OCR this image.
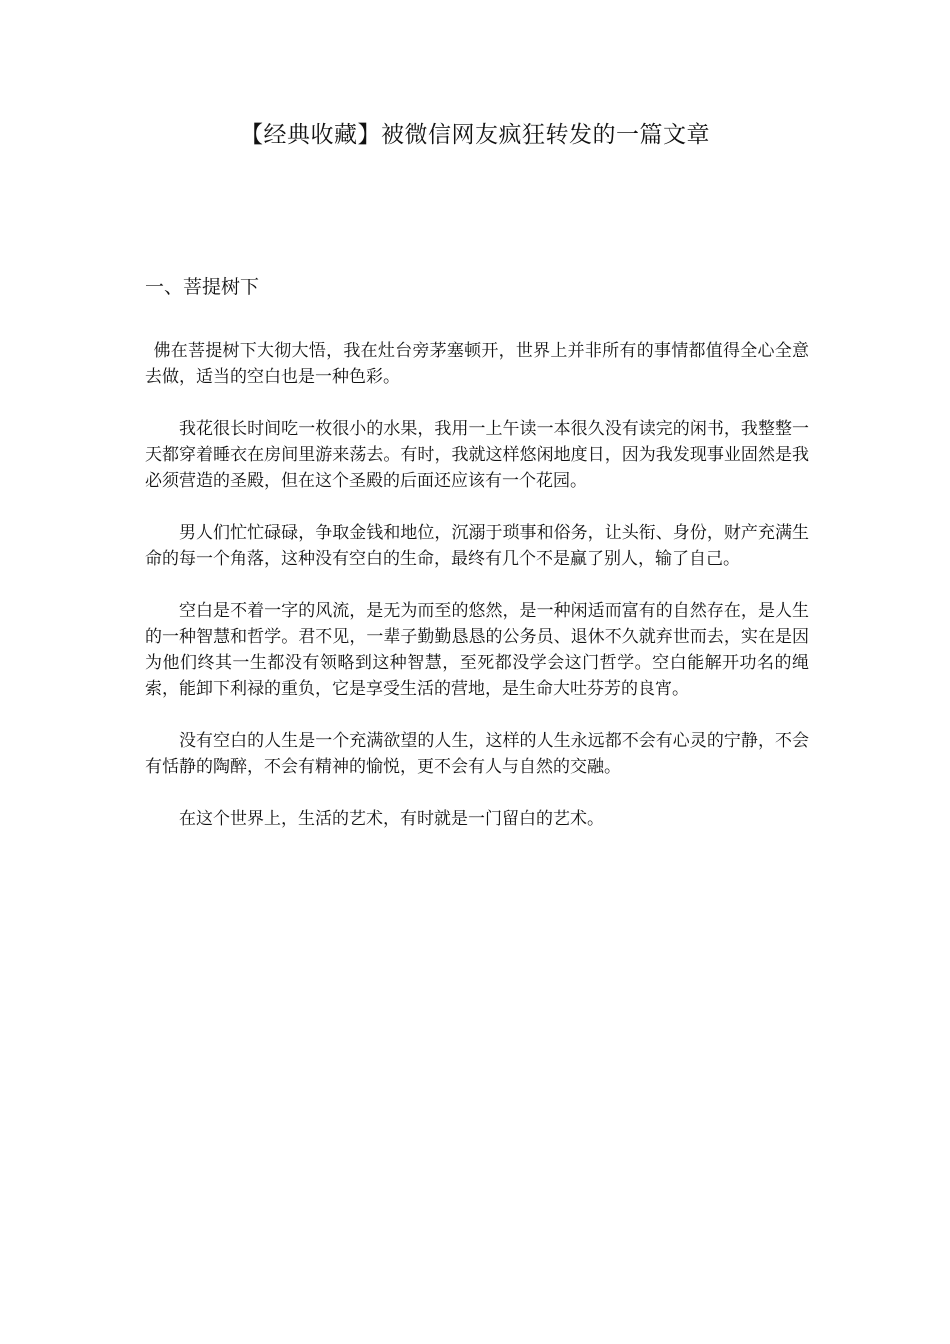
【经典收藏】被微信网友疯狂转发的一篇文章
一、菩提树下

佛在菩提树下大彻大悟，我在灶台旁茅塞顿开，世界上并非所有的事情都值得全心全意去做，适当的空白也是一种色彩。

我花很长时间吃一枚很小的水果，我用一上午读一本很久没有读完的闲书，我整整一天都穿着睡衣在房间里游来荡去。有时，我就这样悠闲地度日，因为我发现事业固然是我必须营造的圣殿，但在这个圣殿的后面还应该有一个花园。

男人们忙忙碌碌，争取金钱和地位，沉溺于琐事和俗务，让头衔、身份，财产充满生命的每一个角落，这种没有空白的生命，最终有几个不是赢了别人，输了自己。

空白是不着一字的风流，是无为而至的悠然，是一种闲适而富有的自然存在，是人生的一种智慧和哲学。君不见，一辈子勤勤恳恳的公务员、退休不久就弃世而去，实在是因为他们终其一生都没有领略到这种智慧，至死都没学会这门哲学。空白能解开功名的绳索，能卸下利禄的重负，它是享受生活的营地，是生命大吐芬芳的良宵。

没有空白的人生是一个充满欲望的人生，这样的人生永远都不会有心灵的宁静，不会有恬静的陶醉，不会有精神的愉悦，更不会有人与自然的交融。

在这个世界上，生活的艺术，有时就是一门留白的艺术。
